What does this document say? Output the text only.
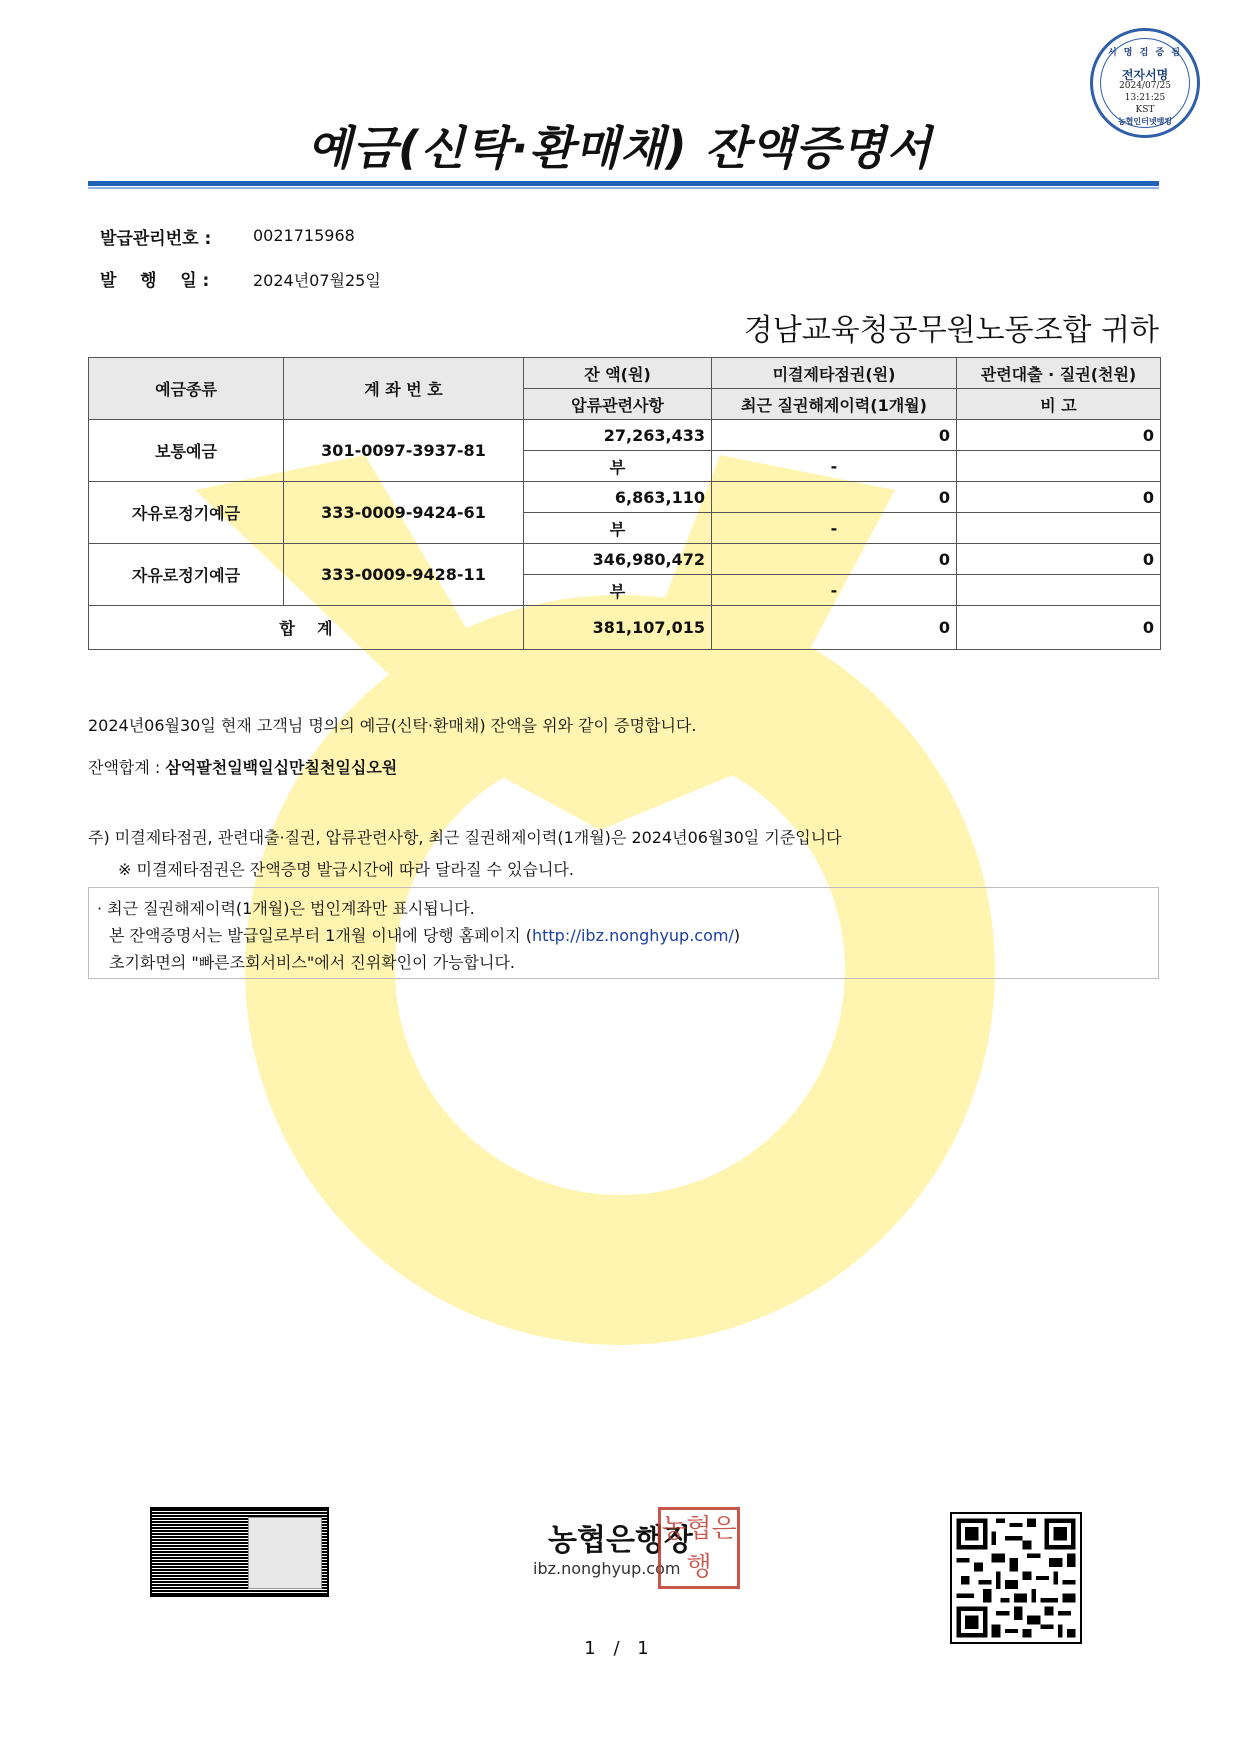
서 명 검 증 됨
전자서명
2024/07/25
13:21:25
KST
농협인터넷뱅킹
예금(신탁·환매채) 잔액증명서
발급관리번호 :	0021715968
발    행    일 :	2024년07월25일
경남교육청공무원노동조합 귀하
예금종류	계 좌 번 호	잔 액(원)	미결제타점권(원)	관련대출 · 질권(천원)
		압류관련사항	최근 질권해제이력(1개월)	비 고
보통예금	301-0097-3937-81	27,263,433	0	0
		부	-	
자유로정기예금	333-0009-9424-61	6,863,110	0	0
		부	-	
자유로정기예금	333-0009-9428-11	346,980,472	0	0
		부	-	
합    계		381,107,015	0	0
2024년06월30일 현재 고객님 명의의 예금(신탁·환매채) 잔액을 위와 같이 증명합니다.
잔액합계 : 삼억팔천일백일십만칠천일십오원
주) 미결제타점권, 관련대출·질권, 압류관련사항, 최근 질권해제이력(1개월)은 2024년06월30일 기준입니다
※ 미결제타점권은 잔액증명 발급시간에 따라 달라질 수 있습니다.
· 최근 질권해제이력(1개월)은 법인계좌만 표시됩니다.
본 잔액증명서는 발급일로부터 1개월 이내에 당행 홈페이지 (http://ibz.nonghyup.com/)
초기화면의 "빠른조회서비스"에서 진위확인이 가능합니다.
농협은행장
ibz.nonghyup.com
농협은행
1 / 1
